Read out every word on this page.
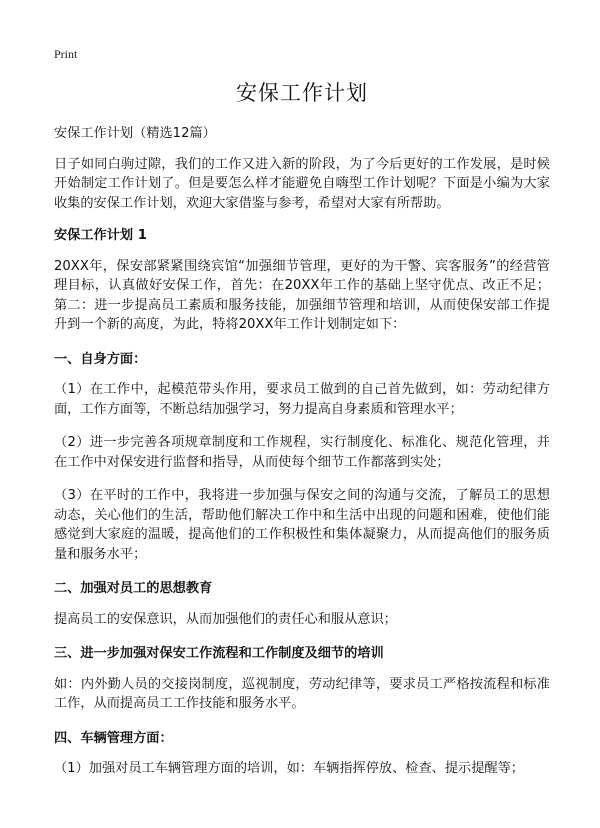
Print
安保工作计划

安保工作计划（精选12篇）

日子如同白驹过隙，我们的工作又进入新的阶段，为了今后更好的工作发展，是时候开始制定工作计划了。但是要怎么样才能避免自嗨型工作计划呢？下面是小编为大家收集的安保工作计划，欢迎大家借鉴与参考，希望对大家有所帮助。

安保工作计划 1

20XX年，保安部紧紧围绕宾馆“加强细节管理，更好的为干警、宾客服务”的经营管理目标，认真做好安保工作，首先：在20XX年工作的基础上坚守优点、改正不足；第二：进一步提高员工素质和服务技能，加强细节管理和培训，从而使保安部工作提升到一个新的高度，为此，特将20XX年工作计划制定如下：

一、自身方面：

（1）在工作中，起模范带头作用，要求员工做到的自己首先做到，如：劳动纪律方面，工作方面等，不断总结加强学习，努力提高自身素质和管理水平；

（2）进一步完善各项规章制度和工作规程，实行制度化、标准化、规范化管理，并在工作中对保安进行监督和指导，从而使每个细节工作都落到实处；

（3）在平时的工作中，我将进一步加强与保安之间的沟通与交流，了解员工的思想动态，关心他们的生活，帮助他们解决工作中和生活中出现的问题和困难，使他们能感觉到大家庭的温暖，提高他们的工作积极性和集体凝聚力，从而提高他们的服务质量和服务水平；

二、加强对员工的思想教育

提高员工的安保意识，从而加强他们的责任心和服从意识；

三、进一步加强对保安工作流程和工作制度及细节的培训

如：内外勤人员的交接岗制度，巡视制度，劳动纪律等，要求员工严格按流程和标准工作，从而提高员工工作技能和服务水平。

四、车辆管理方面：

（1）加强对员工车辆管理方面的培训，如：车辆指挥停放、检查、提示提醒等；
